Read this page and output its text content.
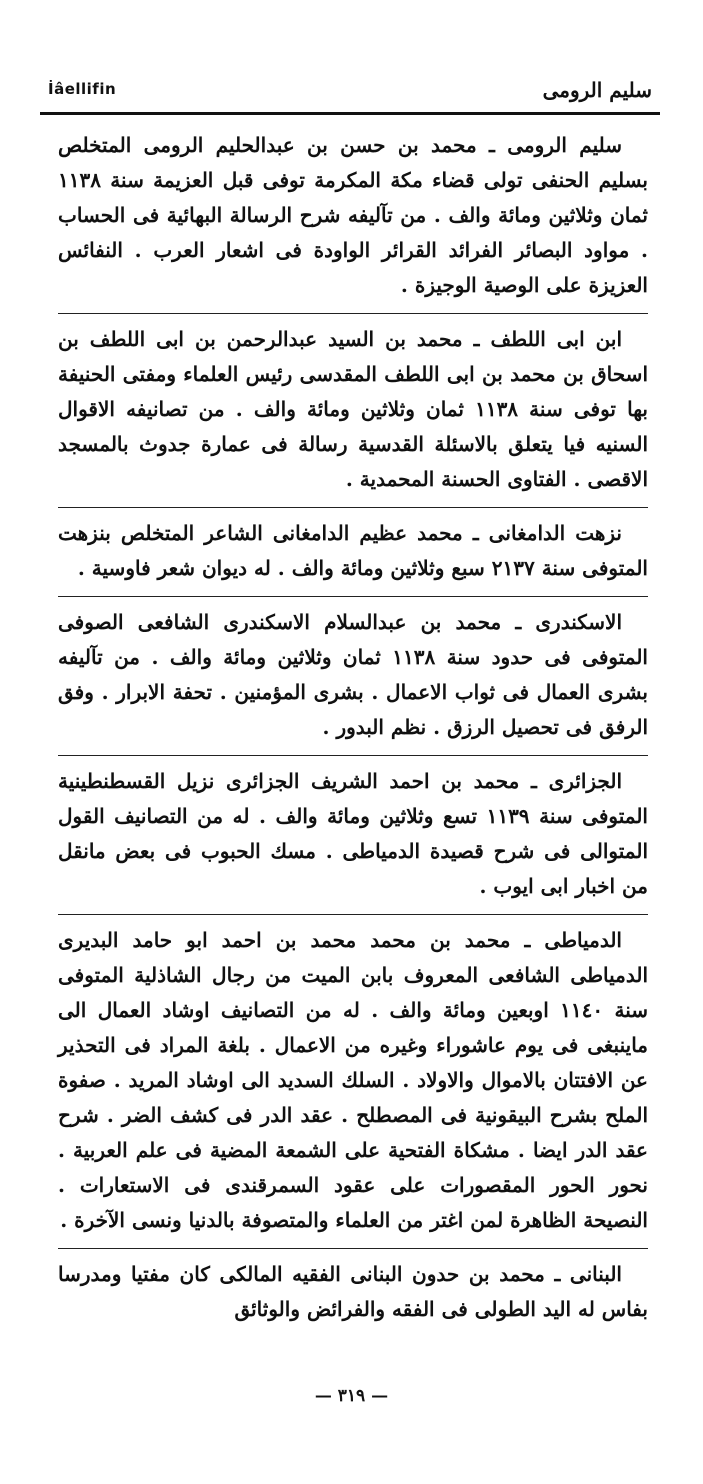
İâellifin	سليم الرومى

سليم الرومى ـ محمد بن حسن بن عبدالحليم الرومى المتخلص بسليم الحنفى تولى قضاء مكة المكرمة توفى قبل العزيمة سنة ١١٣٨ ثمان وثلاثين ومائة والف . من تآليفه شرح الرسالة البهائية فى الحساب . مواود البصائر الفرائد القرائر الواودة فى اشعار العرب . النفائس العزيزة على الوصية الوجيزة .

ابن ابى اللطف ـ محمد بن السيد عبدالرحمن بن ابى اللطف بن اسحاق بن محمد بن ابى اللطف المقدسى رئيس العلماء ومفتى الحنيفة بها توفى سنة ١١٣٨ ثمان وثلاثين ومائة والف . من تصانيفه الاقوال السنيه فيا يتعلق بالاسئلة القدسية رسالة فى عمارة جدوث بالمسجد الاقصى . الفتاوى الحسنة المحمدية .

نزهت الدامغانى ـ محمد عظيم الدامغانى الشاعر المتخلص بنزهت المتوفى سنة ٢١٣٧ سبع وثلاثين ومائة والف . له ديوان شعر فاوسية .

الاسكندرى ـ محمد بن عبدالسلام الاسكندرى الشافعى الصوفى المتوفى فى حدود سنة ١١٣٨ ثمان وثلاثين ومائة والف . من تآليفه بشرى العمال فى ثواب الاعمال . بشرى المؤمنين . تحفة الابرار . وفق الرفق فى تحصيل الرزق . نظم البدور .

الجزائرى ـ محمد بن احمد الشريف الجزائرى نزيل القسطنطينية المتوفى سنة ١١٣٩ تسع وثلاثين ومائة والف . له من التصانيف القول المتوالى فى شرح قصيدة الدمياطى . مسك الحبوب فى بعض مانقل من اخبار ابى ايوب .

الدمياطى ـ محمد بن محمد محمد بن احمد ابو حامد البديرى الدمياطى الشافعى المعروف بابن الميت من رجال الشاذلية المتوفى سنة ١١٤٠ اوبعين ومائة والف . له من التصانيف اوشاد العمال الى ماينبغى فى يوم عاشوراء وغيره من الاعمال . بلغة المراد فى التحذير عن الافتتان بالاموال والاولاد . السلك السديد الى اوشاد المريد . صفوة الملح بشرح البيقونية فى المصطلح . عقد الدر فى كشف الضر . شرح عقد الدر ايضا . مشكاة الفتحية على الشمعة المضية فى علم العربية . نحور الحور المقصورات على عقود السمرقندى فى الاستعارات . النصيحة الظاهرة لمن اغتر من العلماء والمتصوفة بالدنيا ونسى الآخرة .

البنانى ـ محمد بن حدون البنانى الفقيه المالكى كان مفتيا ومدرسا بفاس له اليد الطولى فى الفقه والفرائض والوثائق

— ٣١٩ —
